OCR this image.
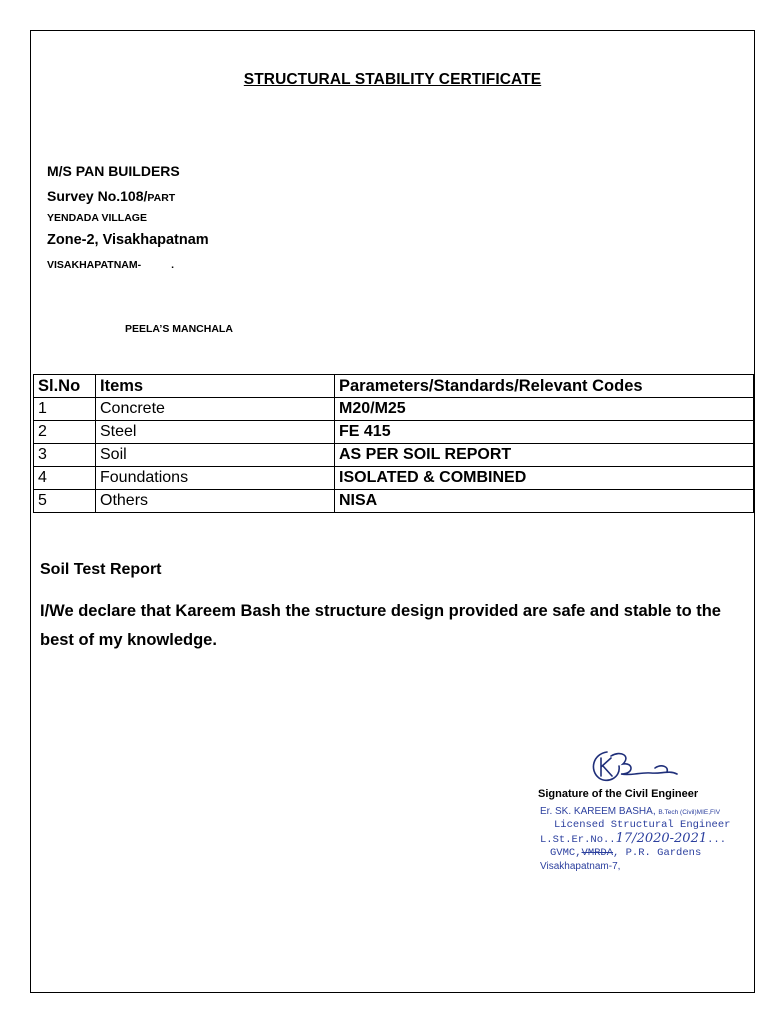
STRUCTURAL STABILITY CERTIFICATE
M/S PAN BUILDERS
Survey No.108/PART
YENDADA VILLAGE
Zone-2, Visakhapatnam
VISAKHAPATNAM-	.
PEELA’S MANCHALA
Sl.No	Items	Parameters/Standards/Relevant Codes
1	Concrete	M20/M25
2	Steel	FE 415
3	Soil	AS PER SOIL REPORT
4	Foundations	ISOLATED & COMBINED
5	Others	NISA
Soil Test Report
I/We declare that Kareem Bash the structure design provided are safe and stable to the best of my knowledge.
Signature of the Civil Engineer
Er. SK. KAREEM BASHA, B.Tech (Civil)MIE,FIV
Licensed Structural Engineer
L.St.Er.No..17/2020-2021...
GVMC,VMRDA, P.R. Gardens
Visakhapatnam-7,
